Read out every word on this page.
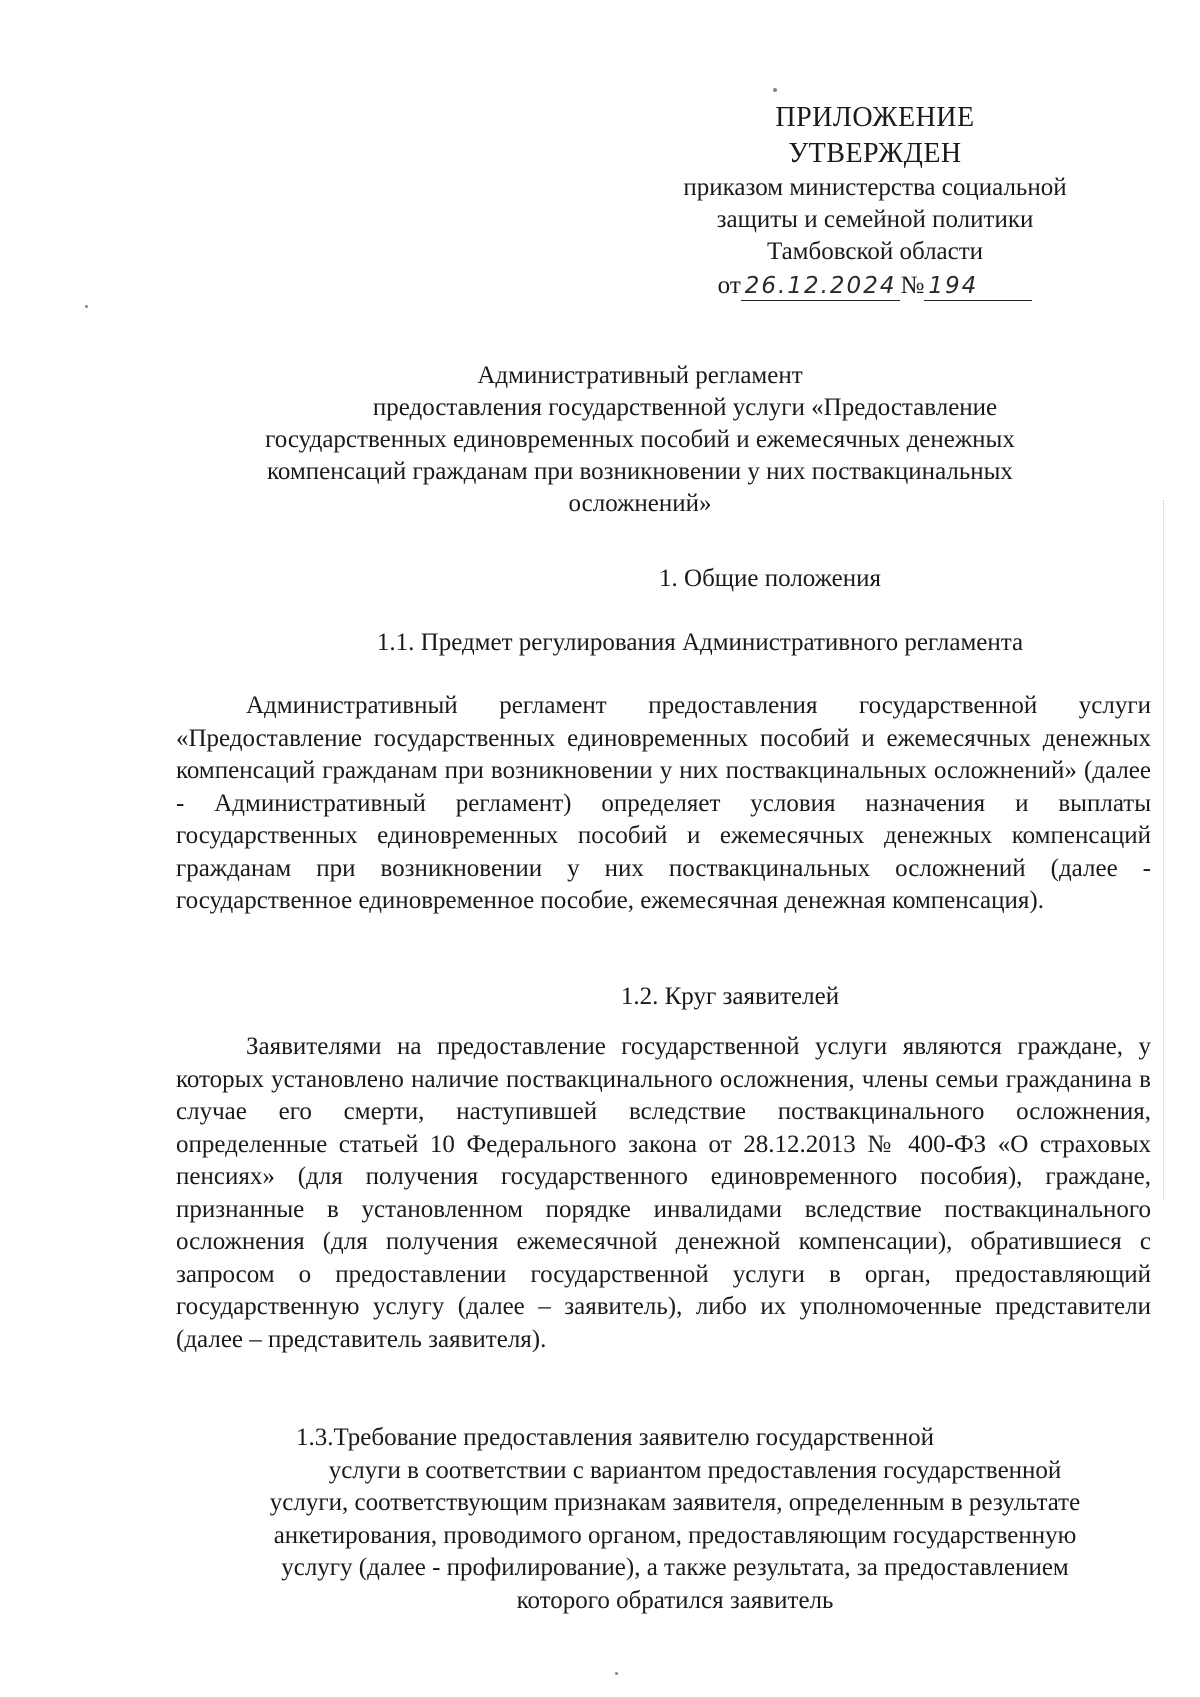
ПРИЛОЖЕНИЕ
УТВЕРЖДЕН
приказом министерства социальной
защиты и семейной политики
Тамбовской области
от 26.12.2024 № 194
Административный регламент
предоставления государственной услуги «Предоставление
государственных единовременных пособий и ежемесячных денежных
компенсаций гражданам при возникновении у них поствакцинальных
осложнений»
1. Общие положения
1.1. Предмет регулирования Административного регламента
Административный регламент предоставления государственной услуги «Предоставление государственных единовременных пособий и ежемесячных денежных компенсаций гражданам при возникновении у них поствакцинальных осложнений» (далее - Административный регламент) определяет условия назначения и выплаты государственных единовременных пособий и ежемесячных денежных компенсаций гражданам при возникновении у них поствакцинальных осложнений (далее - государственное единовременное пособие, ежемесячная денежная компенсация).
1.2. Круг заявителей
Заявителями на предоставление государственной услуги являются граждане, у которых установлено наличие поствакцинального осложнения, члены семьи гражданина в случае его смерти, наступившей вследствие поствакцинального осложнения, определенные статьей 10 Федерального закона от 28.12.2013 № 400-ФЗ «О страховых пенсиях» (для получения государственного единовременного пособия), граждане, признанные в установленном порядке инвалидами вследствие поствакцинального осложнения (для получения ежемесячной денежной компенсации), обратившиеся с запросом о предоставлении государственной услуги в орган, предоставляющий государственную услугу (далее – заявитель), либо их уполномоченные представители (далее – представитель заявителя).
1.3.Требование предоставления заявителю государственной
услуги в соответствии с вариантом предоставления государственной
услуги, соответствующим признакам заявителя, определенным в результате
анкетирования, проводимого органом, предоставляющим государственную
услугу (далее - профилирование), а также результата, за предоставлением
которого обратился заявитель
